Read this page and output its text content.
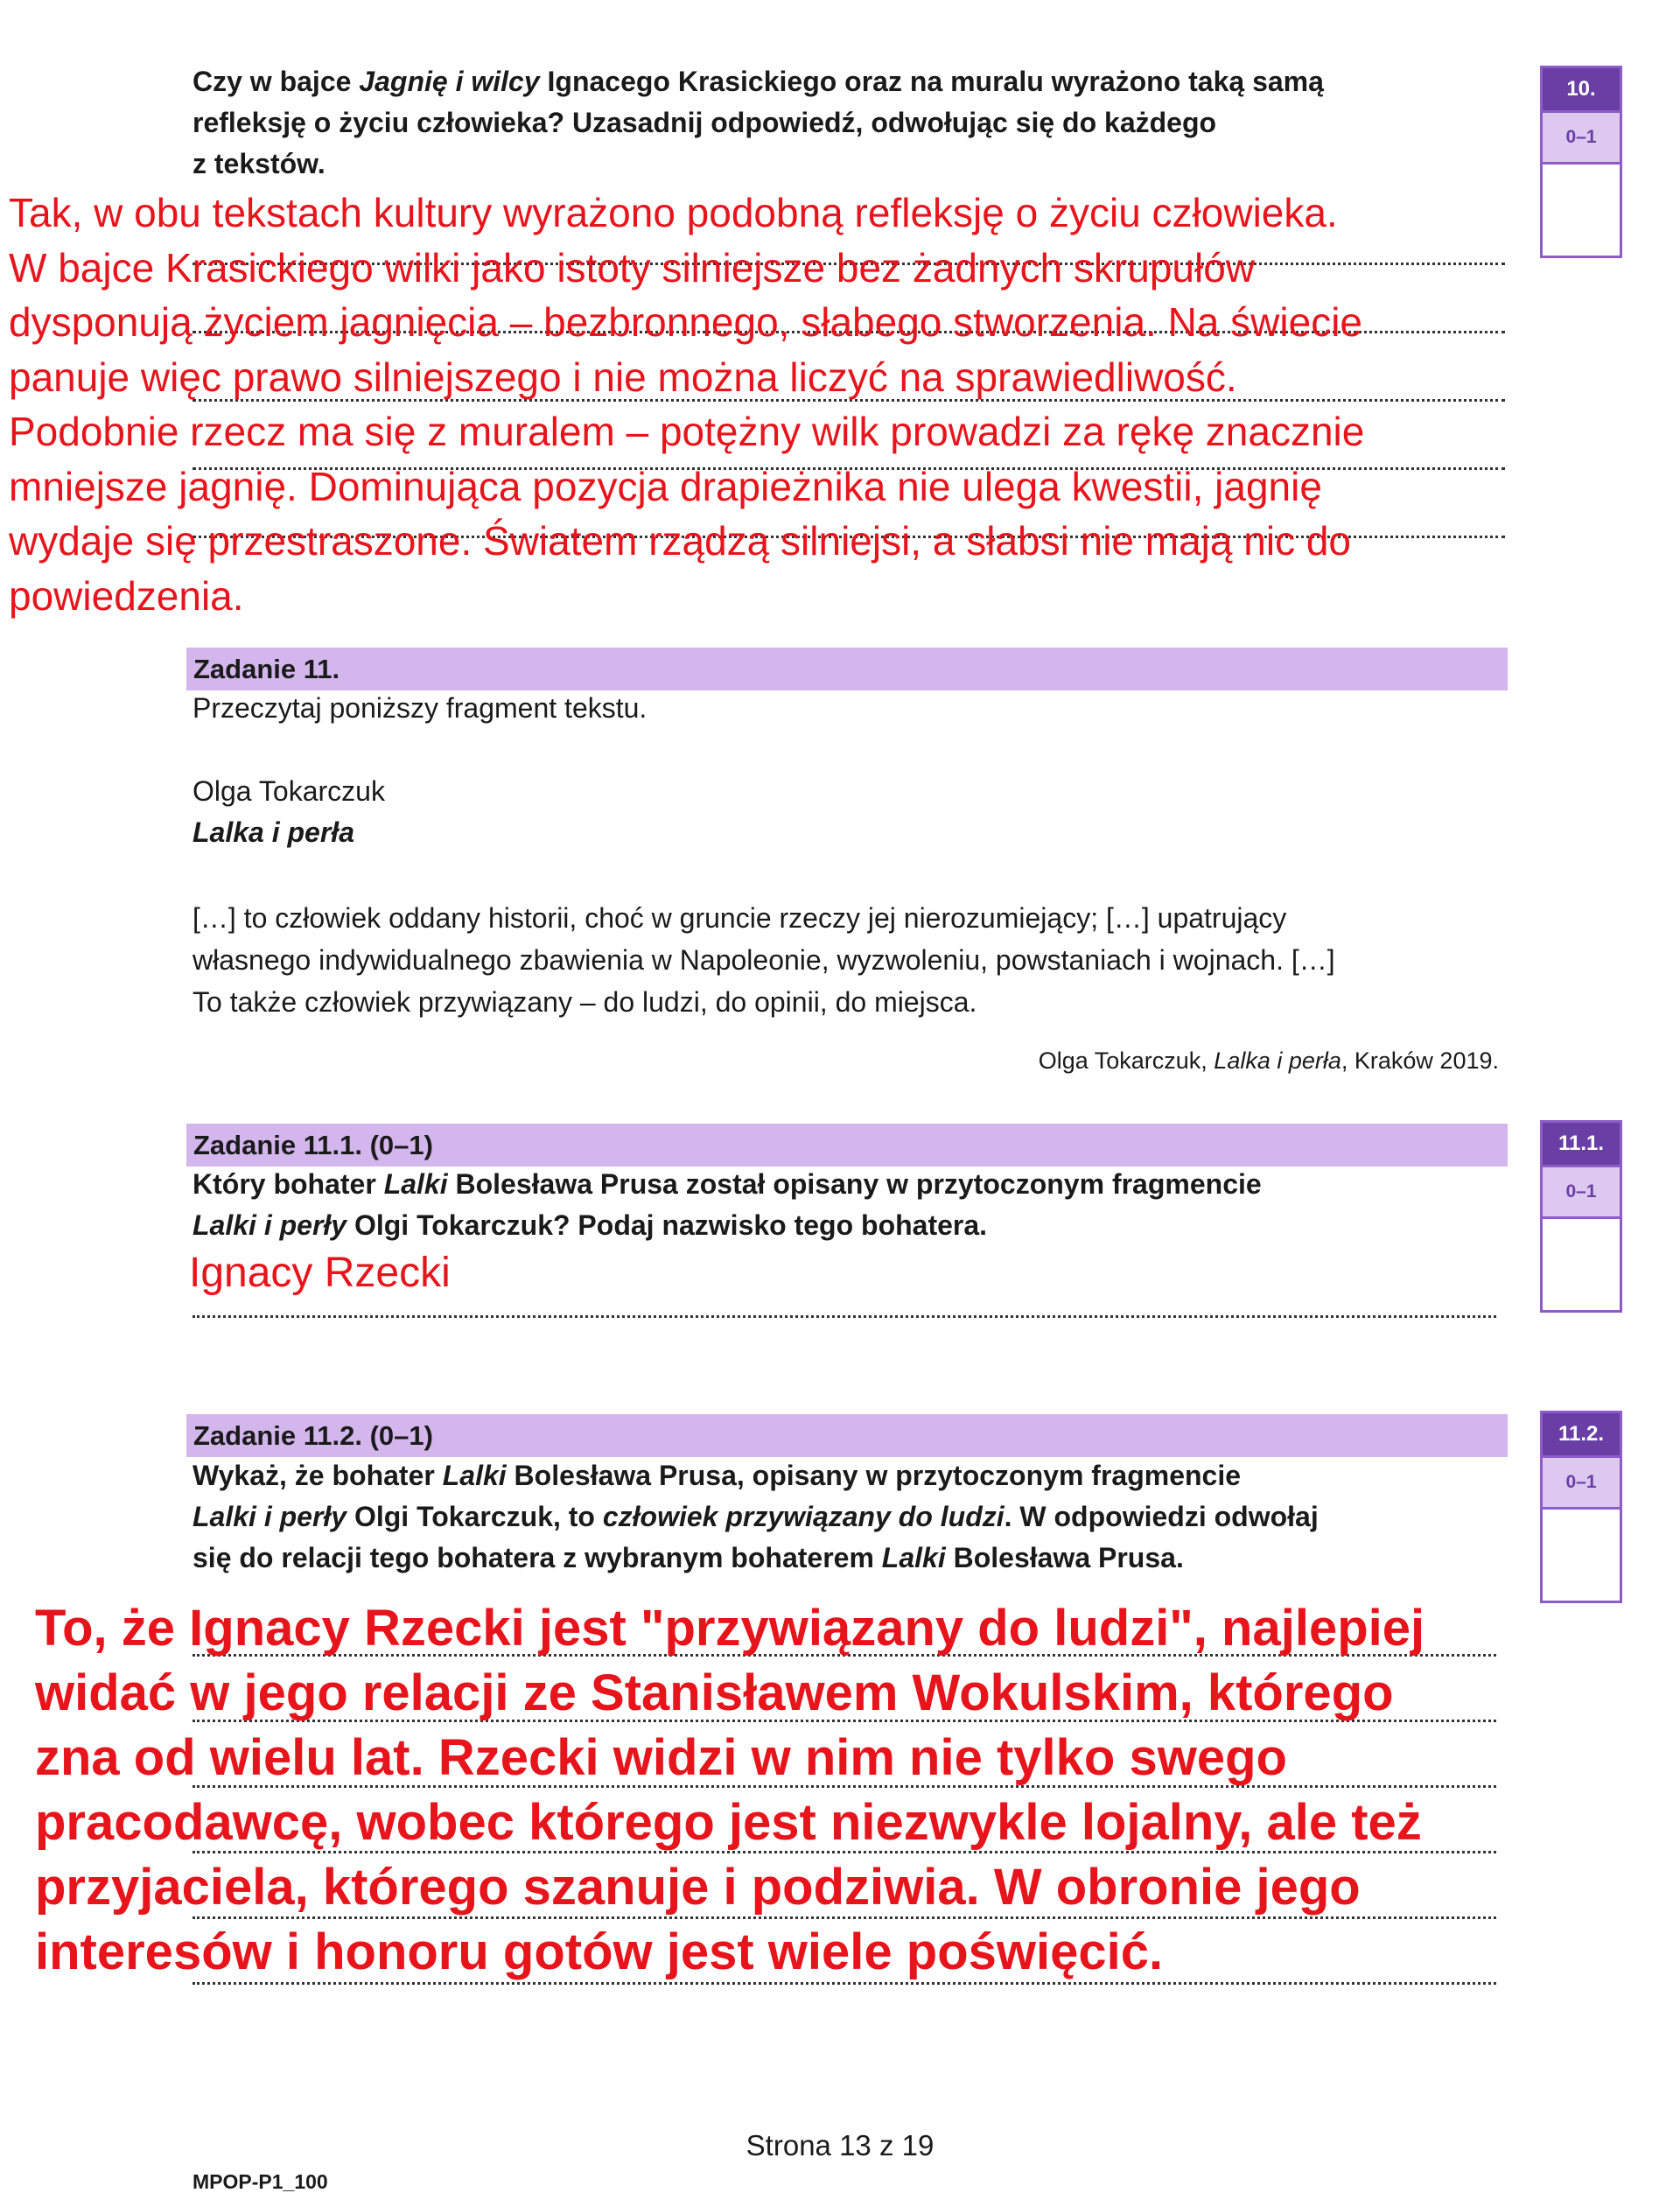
Czy w bajce Jagnię i wilcy Ignacego Krasickiego oraz na muralu wyrażono taką samą
refleksję o życiu człowieka? Uzasadnij odpowiedź, odwołując się do każdego
z tekstów.
10.
0–1
Tak, w obu tekstach kultury wyrażono podobną refleksję o życiu człowieka.
W bajce Krasickiego wilki jako istoty silniejsze bez żadnych skrupułów
dysponują życiem jagnięcia – bezbronnego, słabego stworzenia. Na świecie
panuje więc prawo silniejszego i nie można liczyć na sprawiedliwość.
Podobnie rzecz ma się z muralem – potężny wilk prowadzi za rękę znacznie
mniejsze jagnię. Dominująca pozycja drapieżnika nie ulega kwestii, jagnię
wydaje się przestraszone. Światem rządzą silniejsi, a słabsi nie mają nic do
powiedzenia.
Zadanie 11.
Przeczytaj poniższy fragment tekstu.
Olga Tokarczuk
Lalka i perła
[…] to człowiek oddany historii, choć w gruncie rzeczy jej nierozumiejący; […] upatrujący
własnego indywidualnego zbawienia w Napoleonie, wyzwoleniu, powstaniach i wojnach. […]
To także człowiek przywiązany – do ludzi, do opinii, do miejsca.
Olga Tokarczuk, Lalka i perła, Kraków 2019.
Zadanie 11.1. (0–1)	11.1.
0–1
Który bohater Lalki Bolesława Prusa został opisany w przytoczonym fragmencie
Lalki i perły Olgi Tokarczuk? Podaj nazwisko tego bohatera.
Ignacy Rzecki
Zadanie 11.2. (0–1)	11.2.
0–1
Wykaż, że bohater Lalki Bolesława Prusa, opisany w przytoczonym fragmencie
Lalki i perły Olgi Tokarczuk, to człowiek przywiązany do ludzi. W odpowiedzi odwołaj
się do relacji tego bohatera z wybranym bohaterem Lalki Bolesława Prusa.
To, że Ignacy Rzecki jest "przywiązany do ludzi", najlepiej
widać w jego relacji ze Stanisławem Wokulskim, którego
zna od wielu lat. Rzecki widzi w nim nie tylko swego
pracodawcę, wobec którego jest niezwykle lojalny, ale też
przyjaciela, którego szanuje i podziwia. W obronie jego
interesów i honoru gotów jest wiele poświęcić.
Strona 13 z 19
MPOP-P1_100
